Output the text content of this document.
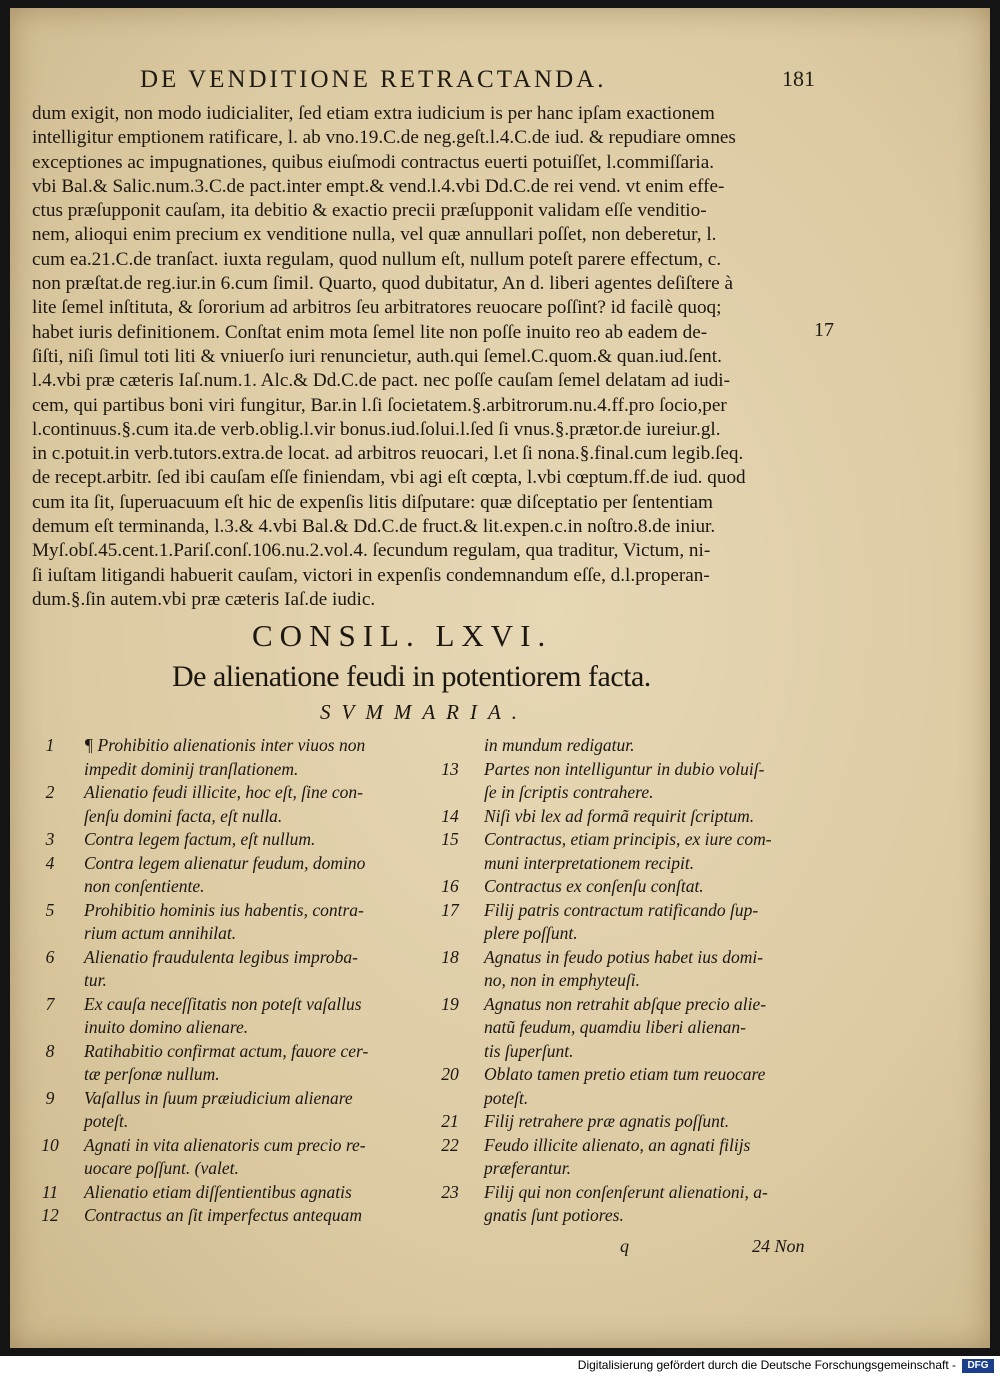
DE VENDITIONE RETRACTANDA.	181
dum exigit, non modo iudicialiter, ſed etiam extra iudicium is per hanc ipſam exactionem
intelligitur emptionem ratificare, l. ab vno.19.C.de neg.geſt.l.4.C.de iud. & repudiare omnes
exceptiones ac impugnationes, quibus eiuſmodi contractus euerti potuiſſet, l.commiſſaria.
vbi Bal.& Salic.num.3.C.de pact.inter empt.& vend.l.4.vbi Dd.C.de rei vend. vt enim effe-
ctus præſupponit cauſam, ita debitio & exactio precii præſupponit validam eſſe venditio-
nem, alioqui enim precium ex venditione nulla, vel quæ annullari poſſet, non deberetur, l.
cum ea.21.C.de tranſact. iuxta regulam, quod nullum eſt, nullum poteſt parere effectum, c.
non præſtat.de reg.iur.in 6.cum ſimil. Quarto, quod dubitatur, An d. liberi agentes deſiſtere à
lite ſemel inſtituta, & ſororium ad arbitros ſeu arbitratores reuocare poſſint? id facilè quoq;
habet iuris definitionem. Conſtat enim mota ſemel lite non poſſe inuito reo ab eadem de-
ſiſti, niſi ſimul toti liti & vniuerſo iuri renuncietur, auth.qui ſemel.C.quom.& quan.iud.ſent.
l.4.vbi præ cæteris Iaſ.num.1. Alc.& Dd.C.de pact. nec poſſe cauſam ſemel delatam ad iudi-
cem, qui partibus boni viri fungitur, Bar.in l.ſi ſocietatem.§.arbitrorum.nu.4.ff.pro ſocio,per
l.continuus.§.cum ita.de verb.oblig.l.vir bonus.iud.ſolui.l.ſed ſi vnus.§.prætor.de iureiur.gl.
in c.potuit.in verb.tutors.extra.de locat. ad arbitros reuocari, l.et ſi nona.§.final.cum legib.ſeq.
de recept.arbitr. ſed ibi cauſam eſſe finiendam, vbi agi eſt cœpta, l.vbi cœptum.ff.de iud. quod
cum ita ſit, ſuperuacuum eſt hic de expenſis litis diſputare: quæ diſceptatio per ſententiam
demum eſt terminanda, l.3.& 4.vbi Bal.& Dd.C.de fruct.& lit.expen.c.in noſtro.8.de iniur.
Myſ.obſ.45.cent.1.Pariſ.conſ.106.nu.2.vol.4. ſecundum regulam, qua traditur, Victum, ni-
ſi iuſtam litigandi habuerit cauſam, victori in expenſis condemnandum eſſe, d.l.properan-
dum.§.ſin autem.vbi præ cæteris Iaſ.de iudic.
17
CONSIL. LXVI.
De alienatione feudi in potentiorem facta.
SVMMARIA.
1	¶ Prohibitio alienationis inter viuos non
impedit dominij tranſlationem.
2	Alienatio feudi illicite, hoc eſt, ſine con-
ſenſu domini facta, eſt nulla.
3	Contra legem factum, eſt nullum.
4	Contra legem alienatur feudum, domino
non conſentiente.
5	Prohibitio hominis ius habentis, contra-
rium actum annihilat.
6	Alienatio fraudulenta legibus improba-
tur.
7	Ex cauſa neceſſitatis non poteſt vaſallus
inuito domino alienare.
8	Ratihabitio confirmat actum, fauore cer-
tæ perſonæ nullum.
9	Vaſallus in ſuum præiudicium alienare
poteſt.
10	Agnati in vita alienatoris cum precio re-
uocare poſſunt. (valet.
11	Alienatio etiam diſſentientibus agnatis
12	Contractus an ſit imperfectus antequam
in mundum redigatur.
13	Partes non intelliguntur in dubio voluiſ-
ſe in ſcriptis contrahere.
14	Niſi vbi lex ad formã requirit ſcriptum.
15	Contractus, etiam principis, ex iure com-
muni interpretationem recipit.
16	Contractus ex conſenſu conſtat.
17	Filij patris contractum ratificando ſup-
plere poſſunt.
18	Agnatus in feudo potius habet ius domi-
no, non in emphyteuſi.
19	Agnatus non retrahit abſque precio alie-
natũ feudum, quamdiu liberi alienan-
tis ſuperſunt.
20	Oblato tamen pretio etiam tum reuocare
poteſt.
21	Filij retrahere præ agnatis poſſunt.
22	Feudo illicite alienato, an agnati filijs
præferantur.
23	Filij qui non conſenſerunt alienationi, a-
gnatis ſunt potiores.
q	24 Non
Digitalisierung gefördert durch die Deutsche Forschungsgemeinschaft -	DFG
